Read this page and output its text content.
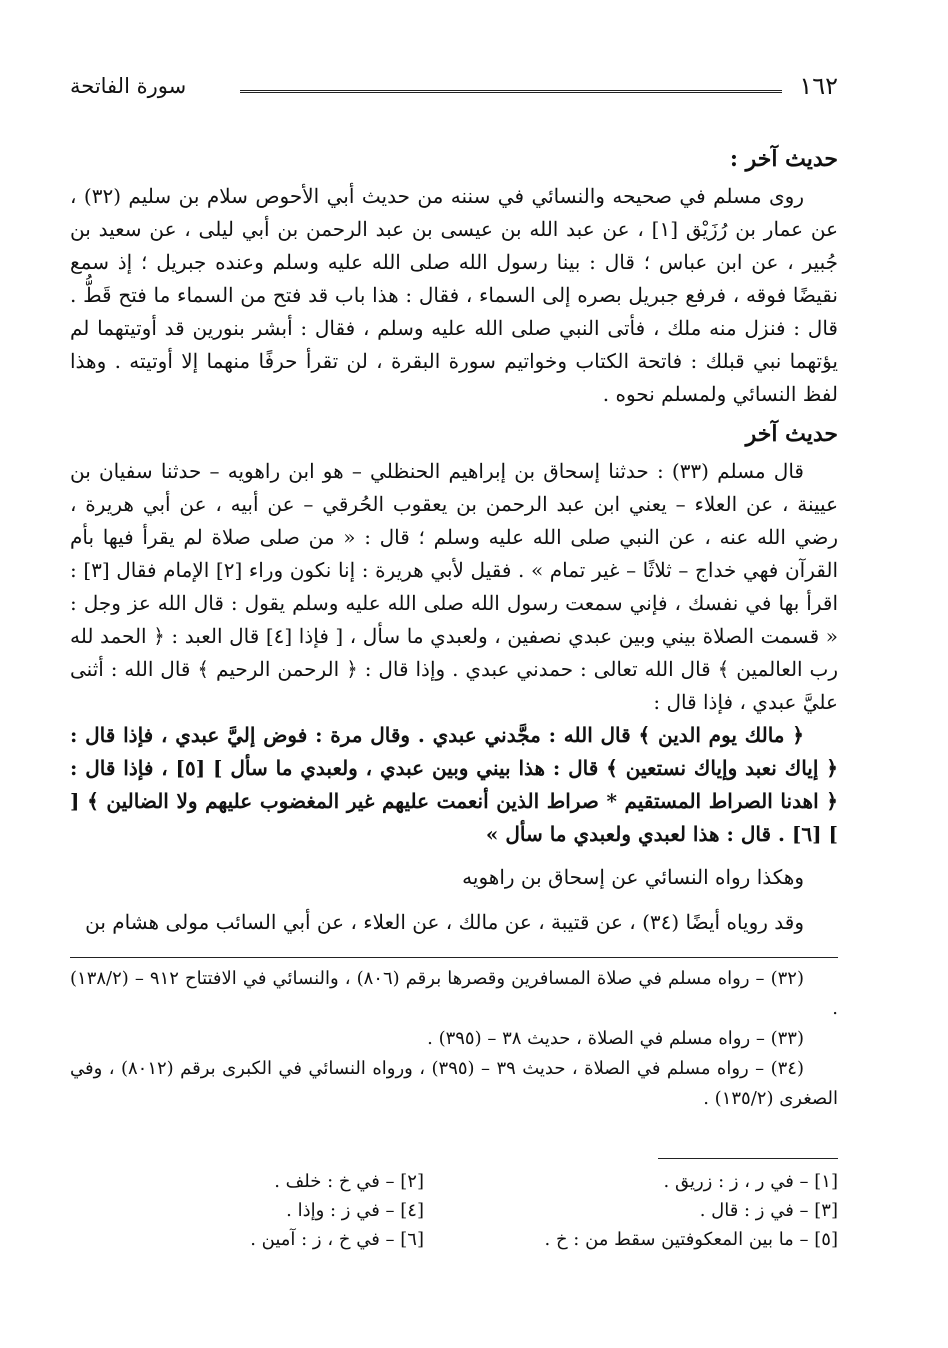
١٦٢
سورة الفاتحة
حديث آخر :

روى مسلم في صحيحه والنسائي في سننه من حديث أبي الأحوص سلام بن سليم (٣٢) ، عن عمار بن رُزَيْق [١] ، عن عبد الله بن عيسى بن عبد الرحمن بن أبي ليلى ، عن سعيد بن جُبير ، عن ابن عباس ؛ قال : بينا رسول الله صلى الله عليه وسلم وعنده جبريل ؛ إذ سمع نقيضًا فوقه ، فرفع جبريل بصره إلى السماء ، فقال : هذا باب قد فتح من السماء ما فتح قَطُّ . قال : فنزل منه ملك ، فأتى النبي صلى الله عليه وسلم ، فقال : أبشر بنورين قد أوتيتهما لم يؤتهما نبي قبلك : فاتحة الكتاب وخواتيم سورة البقرة ، لن تقرأ حرفًا منهما إلا أوتيته . وهذا لفظ النسائي ولمسلم نحوه .

حديث آخر

قال مسلم (٣٣) : حدثنا إسحاق بن إبراهيم الحنظلي – هو ابن راهويه – حدثنا سفيان بن عيينة ، عن العلاء – يعني ابن عبد الرحمن بن يعقوب الحُرقي – عن أبيه ، عن أبي هريرة ، رضي الله عنه ، عن النبي صلى الله عليه وسلم ؛ قال : « من صلى صلاة لم يقرأ فيها بأم القرآن فهي خداج – ثلاثًا – غير تمام » . فقيل لأبي هريرة : إنا نكون وراء [٢] الإمام فقال [٣] : اقرأ بها في نفسك ، فإني سمعت رسول الله صلى الله عليه وسلم يقول : قال الله عز وجل : « قسمت الصلاة بيني وبين عبدي نصفين ، ولعبدي ما سأل ، [ فإذا [٤] قال العبد : ﴿ الحمد لله رب العالمين ﴾ قال الله تعالى : حمدني عبدي . وإذا قال : ﴿ الرحمن الرحيم ﴾ قال الله : أثنى عليَّ عبدي ، فإذا قال :

﴿ مالك يوم الدين ﴾ قال الله : مجَّدني عبدي . وقال مرة : فوض إليَّ عبدي ، فإذا قال : ﴿ إياك نعبد وإياك نستعين ﴾ قال : هذا بيني وبين عبدي ، ولعبدي ما سأل ] [٥] ، فإذا قال : ﴿ اهدنا الصراط المستقيم * صراط الذين أنعمت عليهم غير المغضوب عليهم ولا الضالين ﴾ [ ] [٦] . قال : هذا لعبدي ولعبدي ما سأل »

وهكذا رواه النسائي عن إسحاق بن راهويه

وقد روياه أيضًا (٣٤) ، عن قتيبة ، عن مالك ، عن العلاء ، عن أبي السائب مولى هشام بن

(٣٢) – رواه مسلم في صلاة المسافرين وقصرها برقم (٨٠٦) ، والنسائي في الافتتاح ٩١٢ – (١٣٨/٢) .

(٣٣) – رواه مسلم في الصلاة ، حديث ٣٨ – (٣٩٥) .

(٣٤) – رواه مسلم في الصلاة ، حديث ٣٩ – (٣٩٥) ، ورواه النسائي في الكبرى برقم (٨٠١٢) ، وفي الصغرى (١٣٥/٢) .

[١] – في ر ، ز : زريق .
[٢] – في خ : خلف .
[٣] – في ز : قال .
[٤] – في ز : وإذا .
[٥] – ما بين المعكوفتين سقط من : خ .
[٦] – في خ ، ز : آمين .
